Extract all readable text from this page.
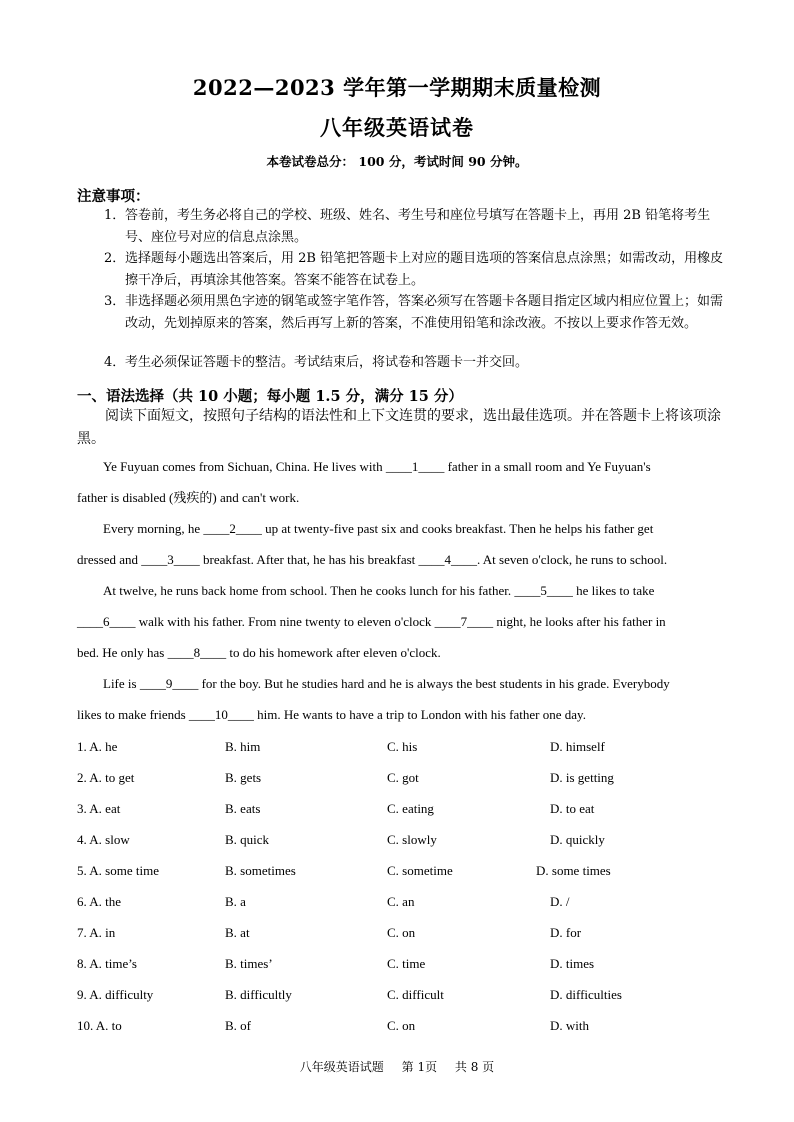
2022—2023 学年第一学期期末质量检测
八年级英语试卷
本卷试卷总分： 100 分，考试时间 90 分钟。
注意事项：
1． 答卷前，考生务必将自己的学校、班级、姓名、考生号和座位号填写在答题卡上，再用 2B 铅笔将考生号、座位号对应的信息点涂黑。
2． 选择题每小题选出答案后，用 2B 铅笔把答题卡上对应的题目选项的答案信息点涂黑；如需改动，用橡皮擦干净后，再填涂其他答案。答案不能答在试卷上。
3． 非选择题必须用黑色字迹的钢笔或签字笔作答，答案必须写在答题卡各题目指定区域内相应位置上；如需改动，先划掉原来的答案，然后再写上新的答案，不准使用铅笔和涂改液。不按以上要求作答无效。
4． 考生必须保证答题卡的整洁。考试结束后，将试卷和答题卡一并交回。
一、语法选择（共 10 小题；每小题 1.5 分，满分 15 分）
阅读下面短文，按照句子结构的语法性和上下文连贯的要求，选出最佳选项。并在答题卡上将该项涂黑。
Ye Fuyuan comes from Sichuan, China. He lives with ____1____ father in a small room and Ye Fuyuan's
father is disabled (残疾的) and can't work.
Every morning, he ____2____ up at twenty-five past six and cooks breakfast. Then he helps his father get
dressed and ____3____ breakfast. After that, he has his breakfast ____4____. At seven o'clock, he runs to school.
At twelve, he runs back home from school. Then he cooks lunch for his father. ____5____ he likes to take
____6____ walk with his father. From nine twenty to eleven o'clock ____7____ night, he looks after his father in
bed. He only has ____8____ to do his homework after eleven o'clock.
Life is ____9____ for the boy. But he studies hard and he is always the best students in his grade. Everybody
likes to make friends ____10____ him. He wants to have a trip to London with his father one day.
1. A. he	B. him	C. his	D. himself
2. A. to get	B. gets	C. got	D. is getting
3. A. eat	B. eats	C. eating	D. to eat
4. A. slow	B. quick	C. slowly	D. quickly
5. A. some time	B. sometimes	C. sometime	D. some times
6. A. the	B. a	C. an	D. /
7. A. in	B. at	C. on	D. for
8. A. time’s	B. times’	C. time	D. times
9. A. difficulty	B. difficultly	C. difficult	D. difficulties
10. A. to	B. of	C. on	D. with
八年级英语试题 第 1页 共 8 页
